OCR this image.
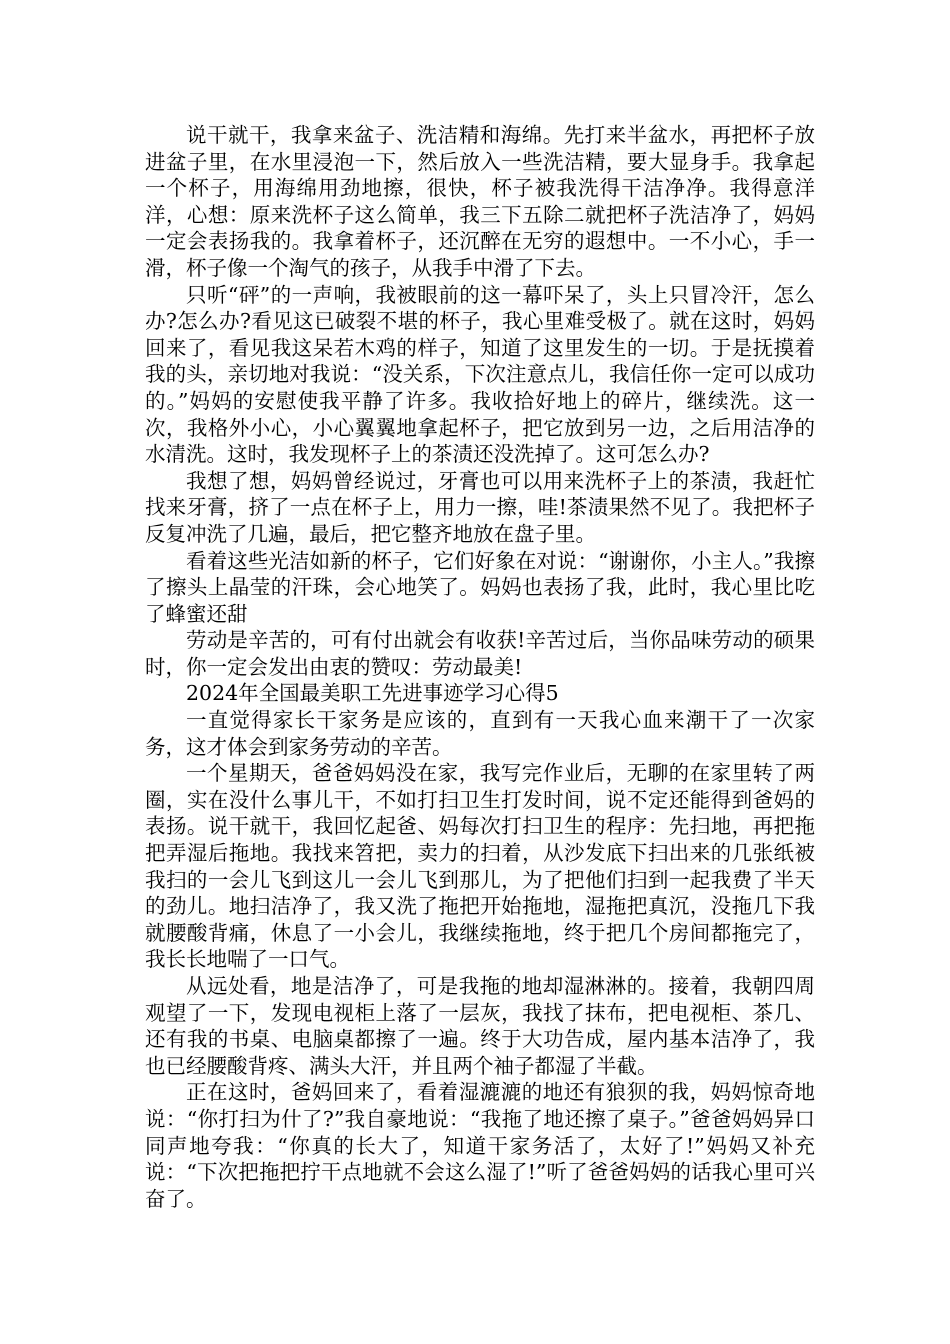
说干就干，我拿来盆子、洗洁精和海绵。先打来半盆水，再把杯子放进盆子里，在水里浸泡一下，然后放入一些洗洁精，要大显身手。我拿起一个杯子，用海绵用劲地擦，很快，杯子被我洗得干洁净净。我得意洋洋，心想：原来洗杯子这么简单，我三下五除二就把杯子洗洁净了，妈妈一定会表扬我的。我拿着杯子，还沉醉在无穷的遐想中。一不小心，手一滑，杯子像一个淘气的孩子，从我手中滑了下去。

只听“砰”的一声响，我被眼前的这一幕吓呆了，头上只冒冷汗，怎么办?怎么办?看见这已破裂不堪的杯子，我心里难受极了。就在这时，妈妈回来了，看见我这呆若木鸡的样子，知道了这里发生的一切。于是抚摸着我的头，亲切地对我说：“没关系，下次注意点儿，我信任你一定可以成功的。”妈妈的安慰使我平静了许多。我收拾好地上的碎片，继续洗。这一次，我格外小心，小心翼翼地拿起杯子，把它放到另一边，之后用洁净的水清洗。这时，我发现杯子上的茶渍还没洗掉了。这可怎么办?

我想了想，妈妈曾经说过，牙膏也可以用来洗杯子上的茶渍，我赶忙找来牙膏，挤了一点在杯子上，用力一擦，哇!茶渍果然不见了。我把杯子反复冲洗了几遍，最后，把它整齐地放在盘子里。

看着这些光洁如新的杯子，它们好象在对说：“谢谢你，小主人。”我擦了擦头上晶莹的汗珠，会心地笑了。妈妈也表扬了我，此时，我心里比吃了蜂蜜还甜

劳动是辛苦的，可有付出就会有收获!辛苦过后，当你品味劳动的硕果时，你一定会发出由衷的赞叹：劳动最美!

2024年全国最美职工先进事迹学习心得5

一直觉得家长干家务是应该的，直到有一天我心血来潮干了一次家务，这才体会到家务劳动的辛苦。

一个星期天，爸爸妈妈没在家，我写完作业后，无聊的在家里转了两圈，实在没什么事儿干，不如打扫卫生打发时间，说不定还能得到爸妈的表扬。说干就干，我回忆起爸、妈每次打扫卫生的程序：先扫地，再把拖把弄湿后拖地。我找来笤把，卖力的扫着，从沙发底下扫出来的几张纸被我扫的一会儿飞到这儿一会儿飞到那儿，为了把他们扫到一起我费了半天的劲儿。地扫洁净了，我又洗了拖把开始拖地，湿拖把真沉，没拖几下我就腰酸背痛，休息了一小会儿，我继续拖地，终于把几个房间都拖完了，我长长地喘了一口气。

从远处看，地是洁净了，可是我拖的地却湿淋淋的。接着，我朝四周观望了一下，发现电视柜上落了一层灰，我找了抹布，把电视柜、茶几、还有我的书桌、电脑桌都擦了一遍。终于大功告成，屋内基本洁净了，我也已经腰酸背疼、满头大汗，并且两个袖子都湿了半截。

正在这时，爸妈回来了，看着湿漉漉的地还有狼狈的我，妈妈惊奇地说：“你打扫为什了?”我自豪地说：“我拖了地还擦了桌子。”爸爸妈妈异口同声地夸我：“你真的长大了，知道干家务活了，太好了!”妈妈又补充说：“下次把拖把拧干点地就不会这么湿了!”听了爸爸妈妈的话我心里可兴奋了。
